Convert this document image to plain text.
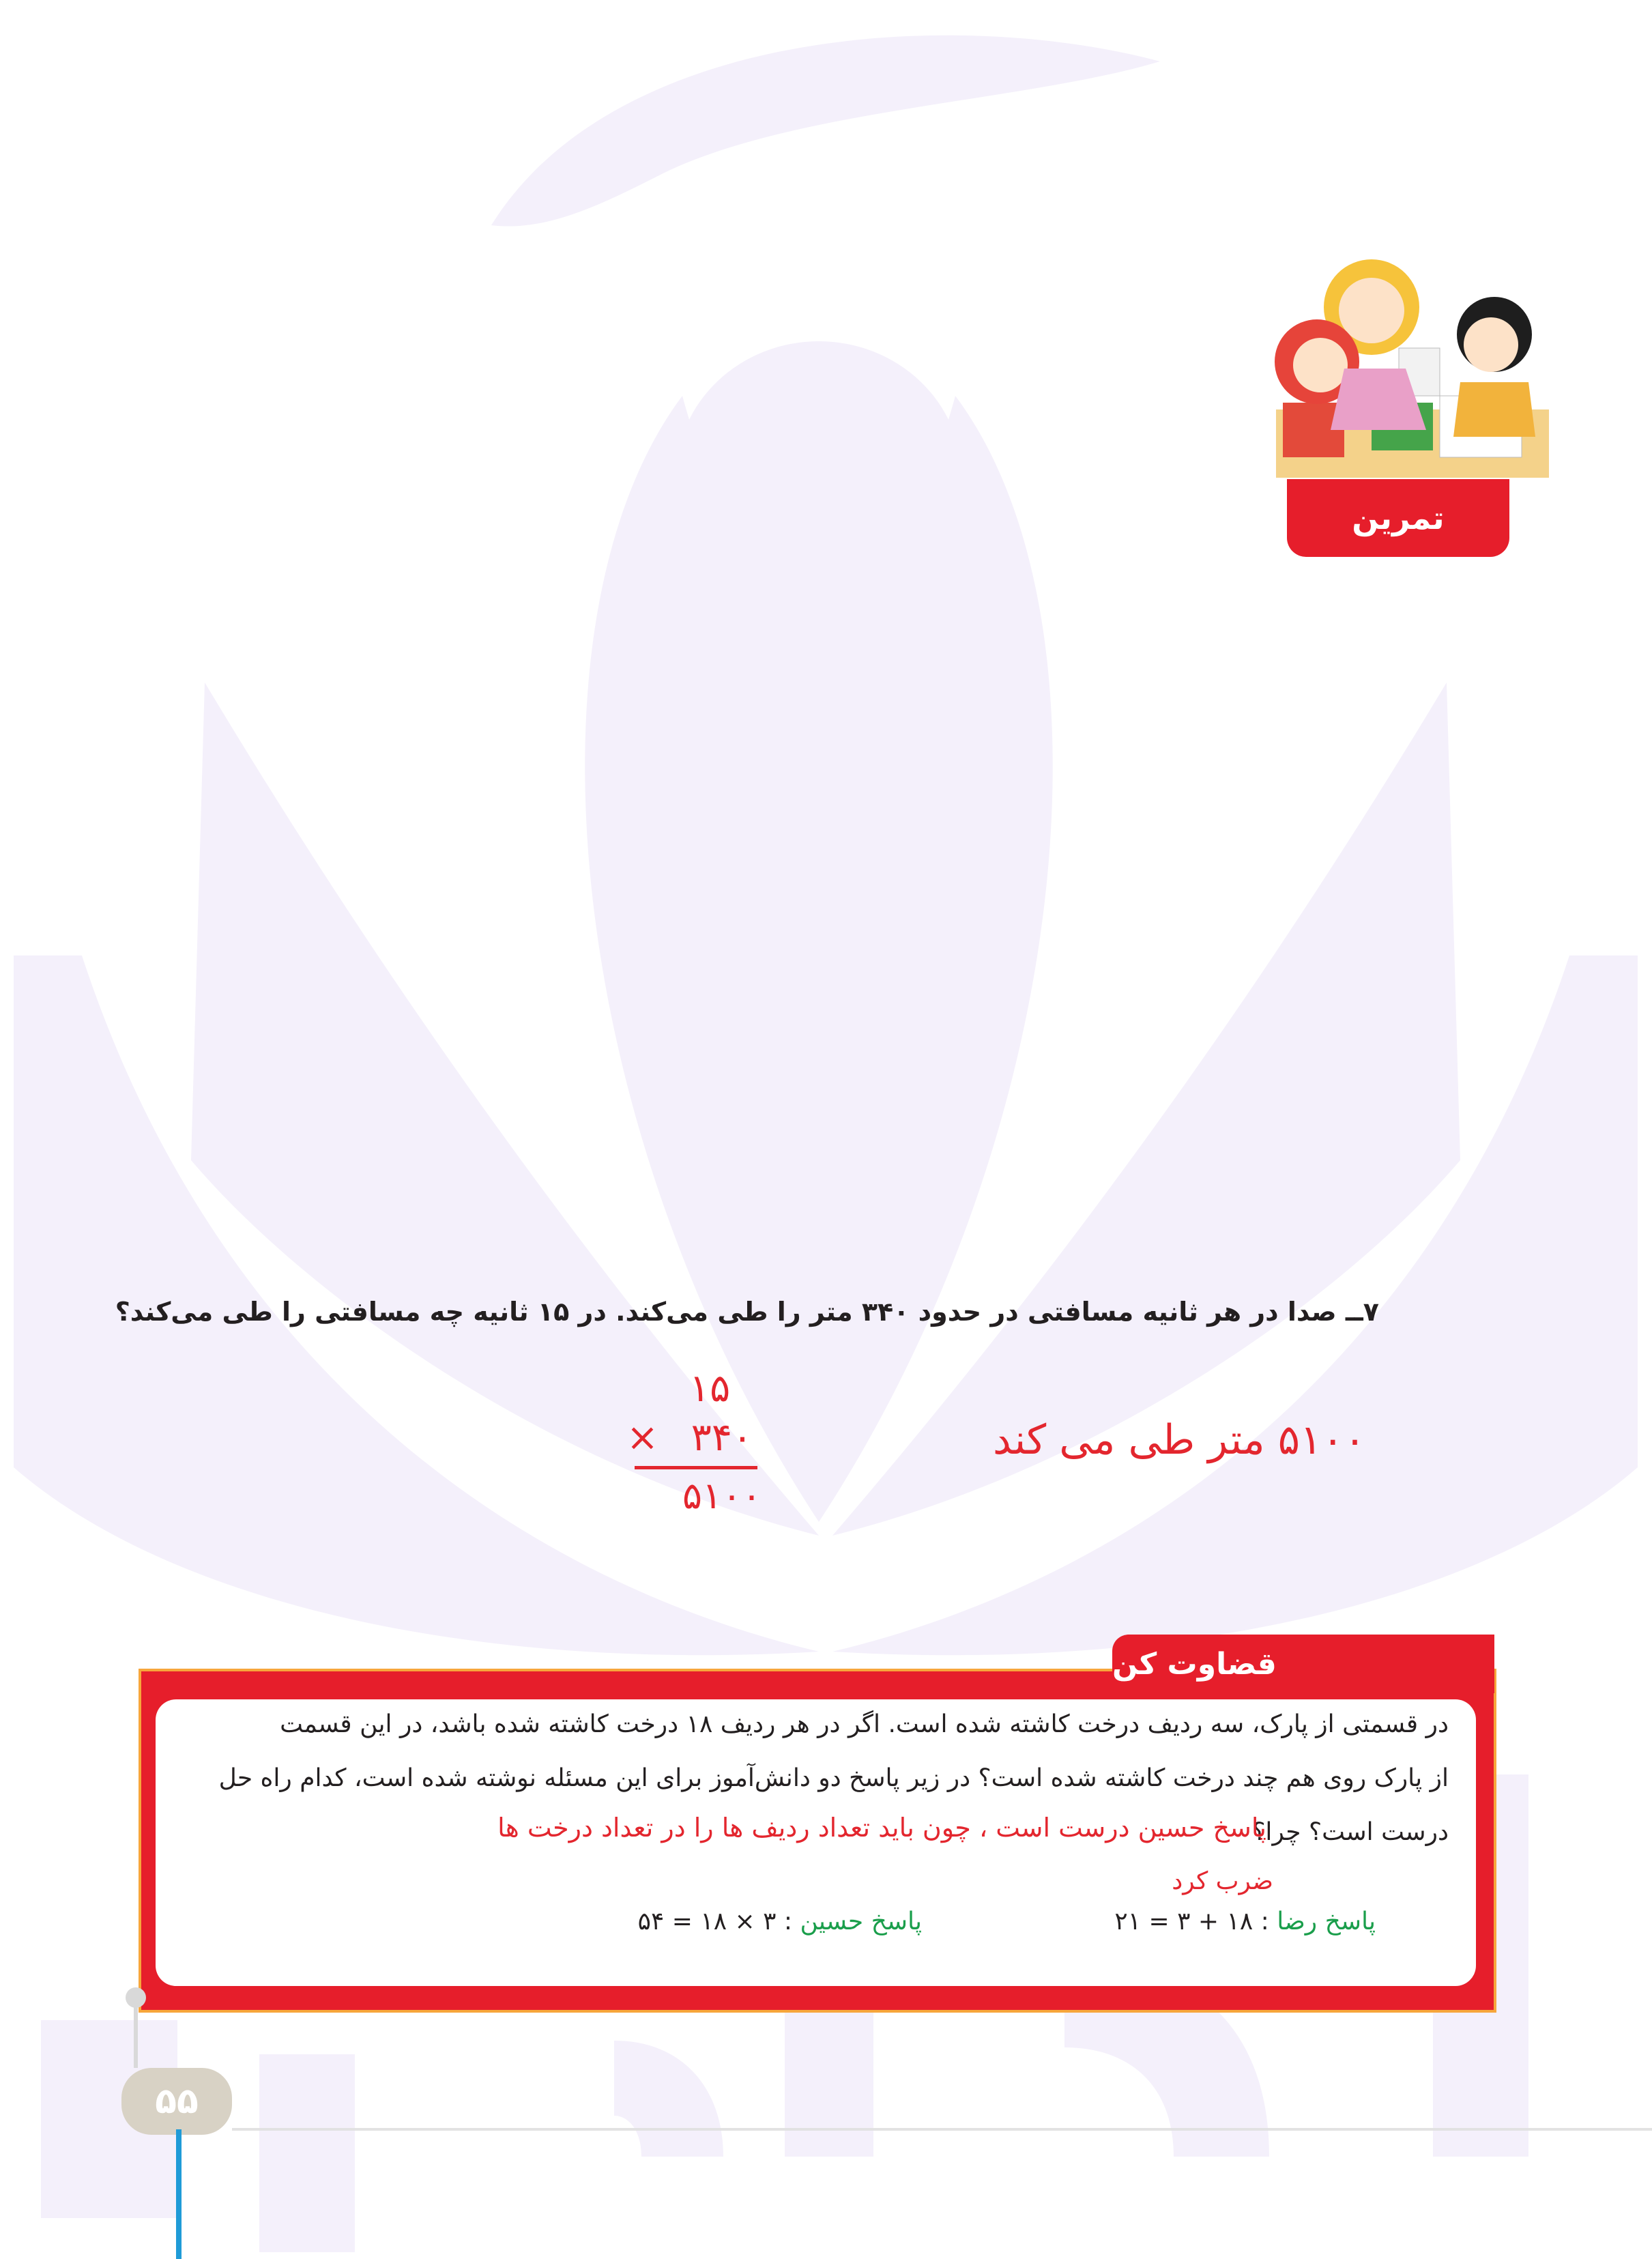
تمرین
۷ــ صدا در هر ثانیه مسافتی در حدود ۳۴۰ متر را طی می‌کند. در ۱۵ ثانیه چه مسافتی را طی می‌کند؟
۱۵
× ۳۴۰
۵۱۰۰
۵۱۰۰ متر طی می کند
قضاوت کن
در قسمتی از پارک، سه ردیف درخت کاشته شده است. اگر در هر ردیف ۱۸ درخت کاشته شده باشد، در این قسمت
از پارک روی هم چند درخت کاشته شده است؟ در زیر پاسخ دو دانش‌آموز برای این مسئله نوشته شده است، کدام راه حل
درست است؟ چرا؟
پاسخ حسین درست است ، چون باید تعداد ردیف ها را در تعداد درخت ها
ضرب کرد
پاسخ رضا : ۱۸ + ۳ = ۲۱
پاسخ حسین : ۳ × ۱۸ = ۵۴
۵۵
